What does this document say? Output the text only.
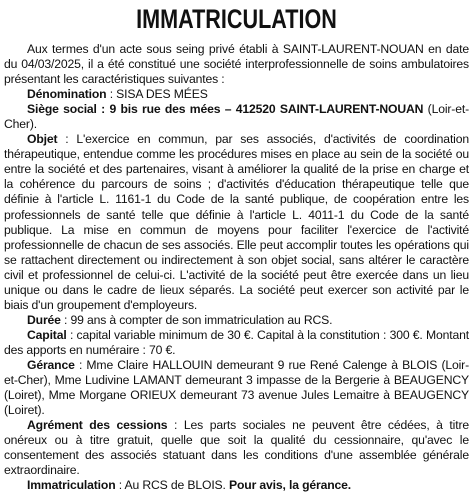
IMMATRICULATION

Aux termes d'un acte sous seing privé établi à SAINT-LAURENT-NOUAN en date du 04/03/2025, il a été constitué une société interprofessionnelle de soins ambulatoires présentant les caractéristiques suivantes :

Dénomination : SISA DES MÉES

Siège social : 9 bis rue des mées – 412520 SAINT-LAURENT-NOUAN (Loir-et-Cher).

Objet : L'exercice en commun, par ses associés, d'activités de coordination thérapeutique, entendue comme les procédures mises en place au sein de la société ou entre la société et des partenaires, visant à améliorer la qualité de la prise en charge et la cohérence du parcours de soins ; d'activités d'éducation thérapeutique telle que définie à l'article L. 1161-1 du Code de la santé publique, de coopération entre les professionnels de santé telle que définie à l'article L. 4011-1 du Code de la santé publique. La mise en commun de moyens pour faciliter l'exercice de l'activité professionnelle de chacun de ses associés. Elle peut accomplir toutes les opérations qui se rattachent directement ou indirectement à son objet social, sans altérer le caractère civil et professionnel de celui-ci. L'activité de la société peut être exercée dans un lieu unique ou dans le cadre de lieux séparés. La société peut exercer son activité par le biais d'un groupement d'employeurs.

Durée : 99 ans à compter de son immatriculation au RCS.

Capital : capital variable minimum de 30 €. Capital à la constitution : 300 €. Montant des apports en numéraire : 70 €.

Gérance : Mme Claire HALLOUIN demeurant 9 rue René Calenge à BLOIS (Loir-et-Cher), Mme Ludivine LAMANT demeurant 3 impasse de la Bergerie à BEAUGENCY (Loiret), Mme Morgane ORIEUX demeurant 73 avenue Jules Lemaitre à BEAUGENCY (Loiret).

Agrément des cessions : Les parts sociales ne peuvent être cédées, à titre onéreux ou à titre gratuit, quelle que soit la qualité du cessionnaire, qu'avec le consentement des associés statuant dans les conditions d'une assemblée générale extraordinaire.

Immatriculation : Au RCS de BLOIS. Pour avis, la gérance.
